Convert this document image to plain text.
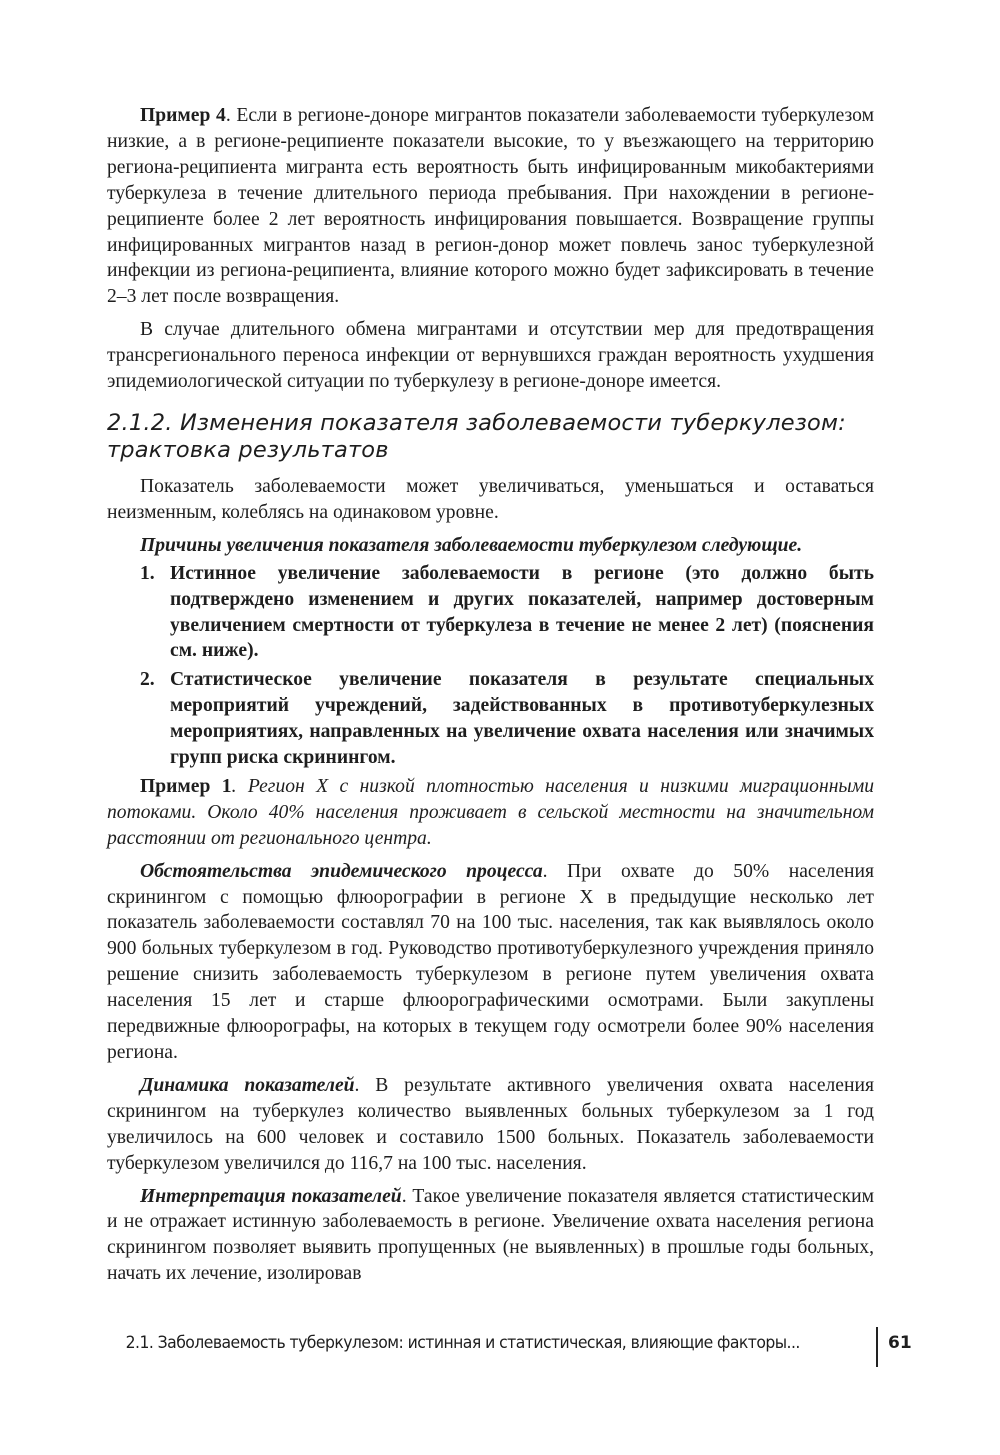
Пример 4. Если в регионе-доноре мигрантов показатели заболеваемости туберкулезом низкие, а в регионе-реципиенте показатели высокие, то у въезжающего на территорию региона-реципиента мигранта есть вероятность быть инфицированным микобактериями туберкулеза в течение длительного периода пребывания. При нахождении в регионе-реципиенте более 2 лет вероятность инфицирования повышается. Возвращение группы инфицированных мигрантов назад в регион-донор может повлечь занос туберкулезной инфекции из региона-реципиента, влияние которого можно будет зафиксировать в течение 2–3 лет после возвращения.

В случае длительного обмена мигрантами и отсутствии мер для предотвращения трансрегионального переноса инфекции от вернувшихся граждан вероятность ухудшения эпидемиологической ситуации по туберкулезу в регионе-доноре имеется.

2.1.2. Изменения показателя заболеваемости туберкулезом: трактовка результатов

Показатель заболеваемости может увеличиваться, уменьшаться и оставаться неизменным, колеблясь на одинаковом уровне.

Причины увеличения показателя заболеваемости туберкулезом следующие.

1. Истинное увеличение заболеваемости в регионе (это должно быть подтверждено изменением и других показателей, например достоверным увеличением смертности от туберкулеза в течение не менее 2 лет) (пояснения см. ниже).
2. Статистическое увеличение показателя в результате специальных мероприятий учреждений, задействованных в противотуберкулезных мероприятиях, направленных на увеличение охвата населения или значимых групп риска скринингом.

Пример 1. Регион X с низкой плотностью населения и низкими миграционными потоками. Около 40% населения проживает в сельской местности на значительном расстоянии от регионального центра.

Обстоятельства эпидемического процесса. При охвате до 50% населения скринингом с помощью флюорографии в регионе X в предыдущие несколько лет показатель заболеваемости составлял 70 на 100 тыс. населения, так как выявлялось около 900 больных туберкулезом в год. Руководство противотуберкулезного учреждения приняло решение снизить заболеваемость туберкулезом в регионе путем увеличения охвата населения 15 лет и старше флюорографическими осмотрами. Были закуплены передвижные флюорографы, на которых в текущем году осмотрели более 90% населения региона.

Динамика показателей. В результате активного увеличения охвата населения скринингом на туберкулез количество выявленных больных туберкулезом за 1 год увеличилось на 600 человек и составило 1500 больных. Показатель заболеваемости туберкулезом увеличился до 116,7 на 100 тыс. населения.

Интерпретация показателей. Такое увеличение показателя является статистическим и не отражает истинную заболеваемость в регионе. Увеличение охвата населения региона скринингом позволяет выявить пропущенных (не выявленных) в прошлые годы больных, начать их лечение, изолировав

2.1. Заболеваемость туберкулезом: истинная и статистическая, влияющие факторы...	61
